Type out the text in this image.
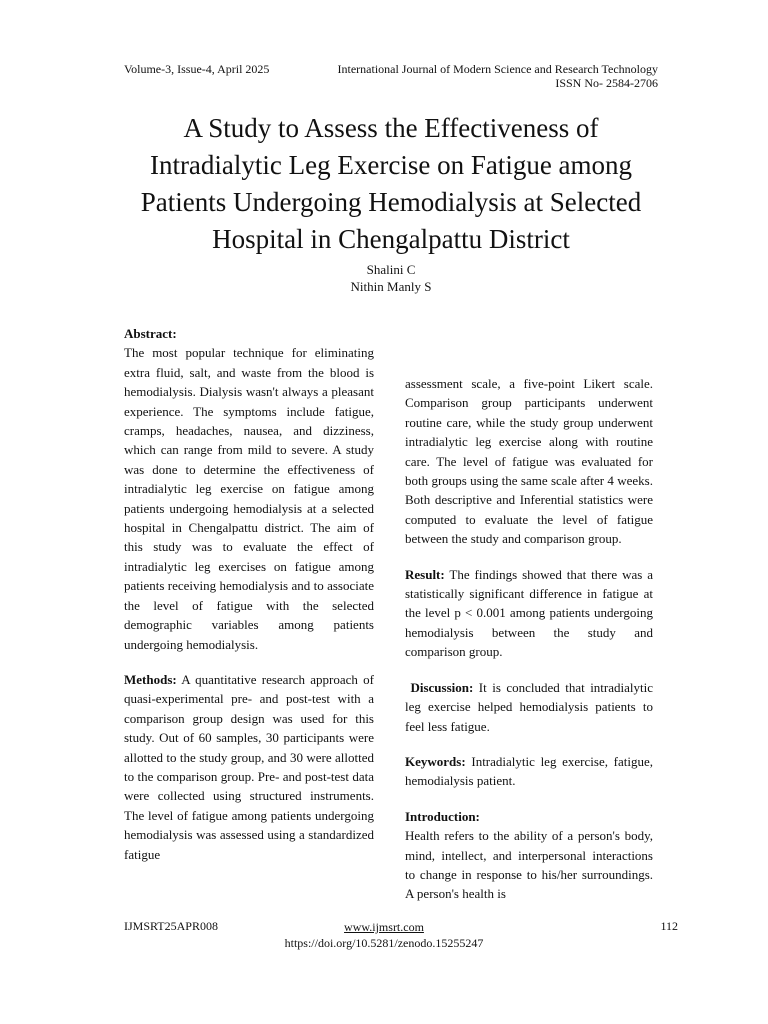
Volume-3, Issue-4, April 2025	International Journal of Modern Science and Research Technology
ISSN No- 2584-2706
A Study to Assess the Effectiveness of
Intradialytic Leg Exercise on Fatigue among
Patients Undergoing Hemodialysis at Selected
Hospital in Chengalpattu District
Shalini C
Nithin Manly S

Abstract:

The most popular technique for eliminating extra fluid, salt, and waste from the blood is hemodialysis. Dialysis wasn't always a pleasant experience. The symptoms include fatigue, cramps, headaches, nausea, and dizziness, which can range from mild to severe. A study was done to determine the effectiveness of intradialytic leg exercise on fatigue among patients undergoing hemodialysis at a selected hospital in Chengalpattu district. The aim of this study was to evaluate the effect of intradialytic leg exercises on fatigue among patients receiving hemodialysis and to associate the level of fatigue with the selected demographic variables among patients undergoing hemodialysis.

Methods: A quantitative research approach of quasi-experimental pre- and post-test with a comparison group design was used for this study. Out of 60 samples, 30 participants were allotted to the study group, and 30 were allotted to the comparison group. Pre- and post-test data were collected using structured instruments. The level of fatigue among patients undergoing hemodialysis was assessed using a standardized fatigue

assessment scale, a five-point Likert scale. Comparison group participants underwent routine care, while the study group underwent intradialytic leg exercise along with routine care. The level of fatigue was evaluated for both groups using the same scale after 4 weeks. Both descriptive and Inferential statistics were computed to evaluate the level of fatigue between the study and comparison group.

Result: The findings showed that there was a statistically significant difference in fatigue at the level p < 0.001 among patients undergoing hemodialysis between the study and comparison group.

Discussion: It is concluded that intradialytic leg exercise helped hemodialysis patients to feel less fatigue.

Keywords: Intradialytic leg exercise, fatigue, hemodialysis patient.

Introduction:

Health refers to the ability of a person's body, mind, intellect, and interpersonal interactions to change in response to his/her surroundings. A person's health is

IJMSRT25APR008	www.ijmsrt.com
https://doi.org/10.5281/zenodo.15255247
112
